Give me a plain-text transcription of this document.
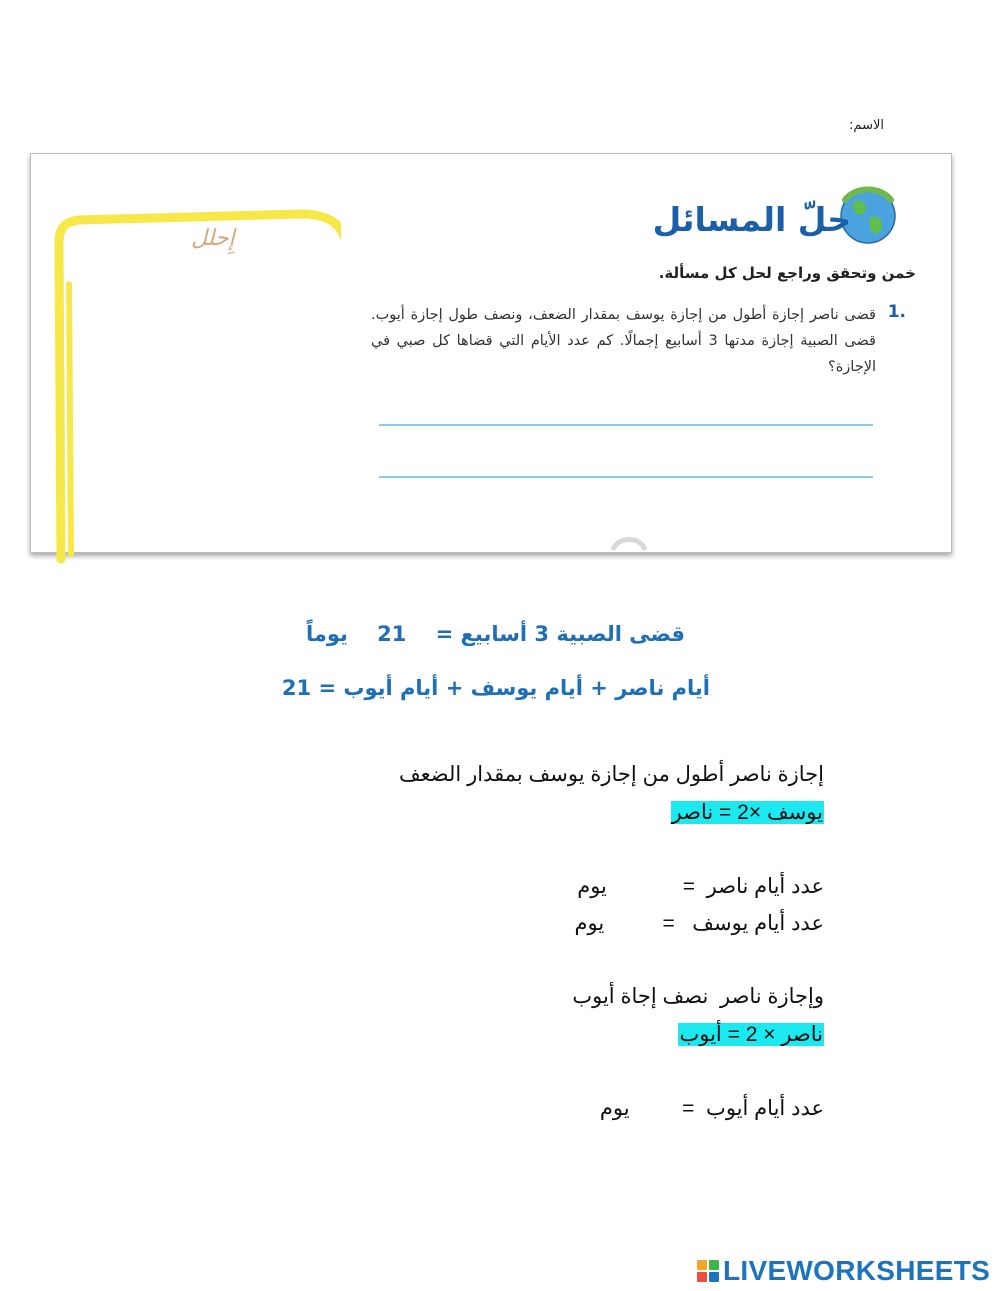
الاسم:
إِحلل	حلّ المسائل
خمن وتحقق وراجع لحل كل مسألة.
1.
قضى ناصر إجازة أطول من إجازة يوسف بمقدار الضعف، ونصف طول إجازة أيوب. قضى الصبية إجازة مدتها 3 أسابيع إجمالًا. كم عدد الأيام التي قضاها كل صبي في الإجازة؟
قضى الصبية 3 أسابيع =    21    يوماً
أيام ناصر + أيام يوسف + أيام أيوب = 21
إجازة ناصر أطول من إجازة يوسف بمقدار الضعف
يوسف ×2 = ناصر
عدد أيام ناصر  =             يوم
عدد أيام يوسف   =          يوم
وإجازة ناصر  نصف إجاة أيوب
ناصر × 2 = أيوب
عدد أيام أيوب  =         يوم
LIVEWORKSHEETS
